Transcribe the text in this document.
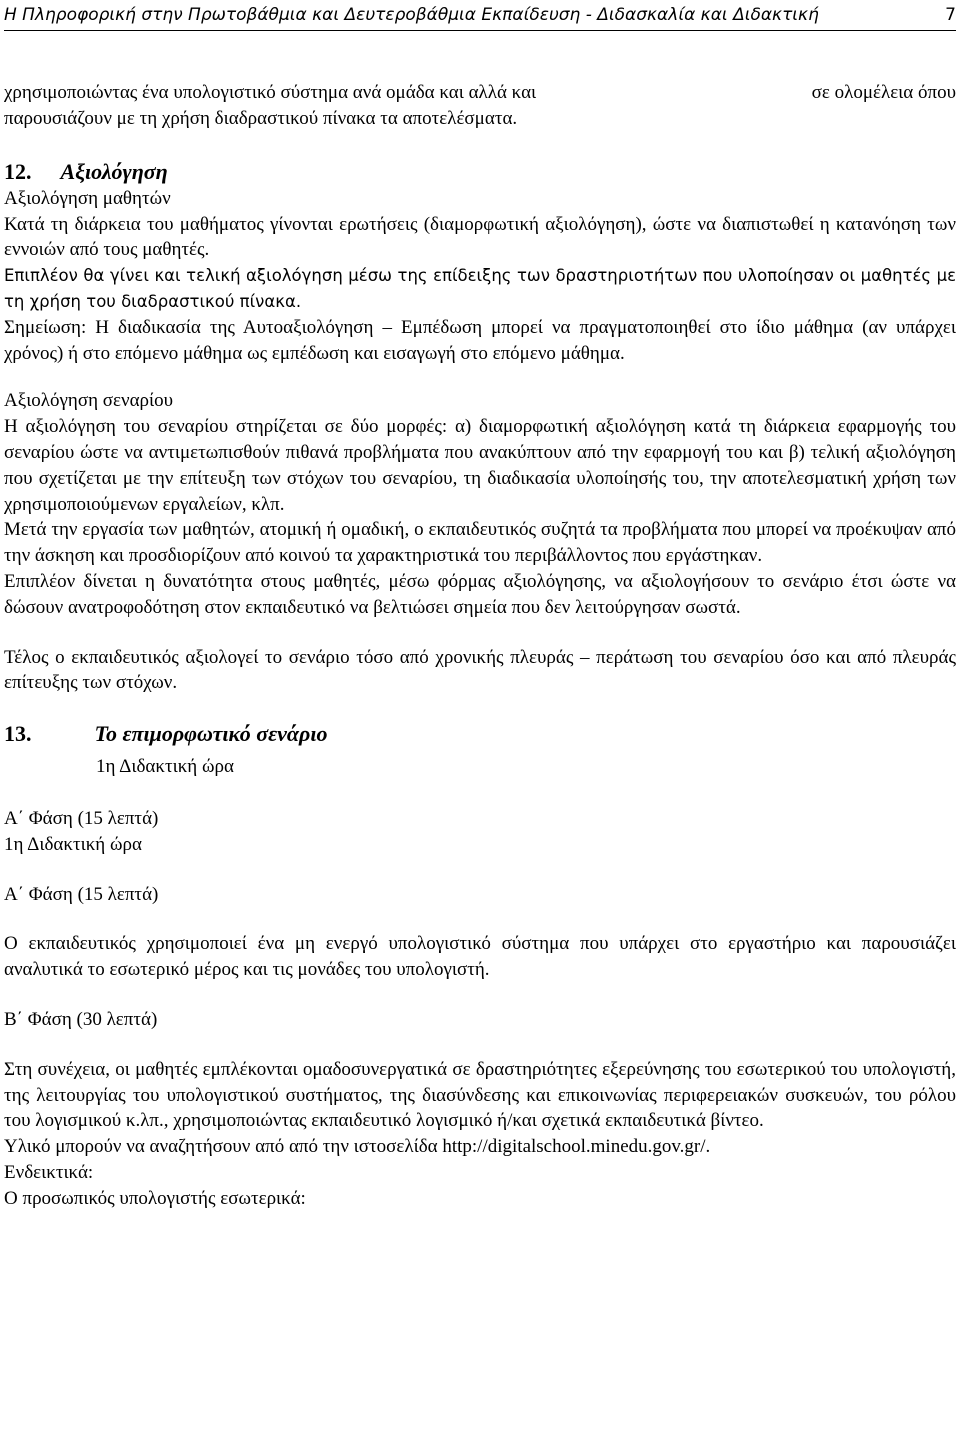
Η Πληροφορική στην Πρωτοβάθμια και Δευτεροβάθμια Εκπαίδευση - Διδασκαλία και Διδακτική	7

χρησιμοποιώντας ένα υπολογιστικό σύστημα ανά ομάδα και αλλά και	σε ολομέλεια όπου

παρουσιάζουν με τη χρήση διαδραστικού πίνακα τα αποτελέσματα.

12. Αξιολόγηση

Αξιολόγηση μαθητών

Κατά τη διάρκεια του μαθήματος γίνονται ερωτήσεις (διαμορφωτική αξιολόγηση), ώστε να διαπιστωθεί η κατανόηση των εννοιών από τους μαθητές.

Επιπλέον θα γίνει και τελική αξιολόγηση μέσω της επίδειξης των δραστηριοτήτων που υλοποίησαν οι μαθητές με τη χρήση του διαδραστικού πίνακα.

Σημείωση: Η διαδικασία της Αυτοαξιολόγηση – Εμπέδωση μπορεί να πραγματοποιηθεί στο ίδιο μάθημα (αν υπάρχει χρόνος) ή στο επόμενο μάθημα ως εμπέδωση και εισαγωγή στο επόμενο μάθημα.

Αξιολόγηση σεναρίου

Η αξιολόγηση του σεναρίου στηρίζεται σε δύο μορφές: α) διαμορφωτική αξιολόγηση κατά τη διάρκεια εφαρμογής του σεναρίου ώστε να αντιμετωπισθούν πιθανά προβλήματα που ανακύπτουν από την εφαρμογή του και β) τελική αξιολόγηση που σχετίζεται με την επίτευξη των στόχων του σεναρίου, τη διαδικασία υλοποίησής του, την αποτελεσματική χρήση των χρησιμοποιούμενων εργαλείων, κλπ.

Μετά την εργασία των μαθητών, ατομική ή ομαδική, ο εκπαιδευτικός συζητά τα προβλήματα που μπορεί να προέκυψαν από την άσκηση και προσδιορίζουν από κοινού τα χαρακτηριστικά του περιβάλλοντος που εργάστηκαν.

Επιπλέον δίνεται η δυνατότητα στους μαθητές, μέσω φόρμας αξιολόγησης, να αξιολογήσουν το σενάριο έτσι ώστε να δώσουν ανατροφοδότηση στον εκπαιδευτικό να βελτιώσει σημεία που δεν λειτούργησαν σωστά.

Τέλος ο εκπαιδευτικός αξιολογεί το σενάριο τόσο από χρονικής πλευράς – περάτωση του σεναρίου όσο και από πλευράς επίτευξης των στόχων.

13.	Το επιμορφωτικό σενάριο

1η Διδακτική ώρα

Α΄ Φάση (15 λεπτά)

1η Διδακτική ώρα

Α΄ Φάση (15 λεπτά)

Ο εκπαιδευτικός χρησιμοποιεί ένα μη ενεργό υπολογιστικό σύστημα που υπάρχει στο εργαστήριο και παρουσιάζει αναλυτικά το εσωτερικό μέρος και τις μονάδες του υπολογιστή.

Β΄ Φάση (30 λεπτά)

Στη συνέχεια, οι μαθητές εμπλέκονται ομαδοσυνεργατικά σε δραστηριότητες εξερεύνησης του εσωτερικού του υπολογιστή, της λειτουργίας του υπολογιστικού συστήματος, της διασύνδεσης και επικοινωνίας περιφερειακών συσκευών, του ρόλου του λογισμικού κ.λπ., χρησιμοποιώντας εκπαιδευτικό λογισμικό ή/και σχετικά εκπαιδευτικά βίντεο.

Υλικό μπορούν να αναζητήσουν από από την ιστοσελίδα http://digitalschool.minedu.gov.gr/.

Ενδεικτικά:

Ο προσωπικός υπολογιστής εσωτερικά:
